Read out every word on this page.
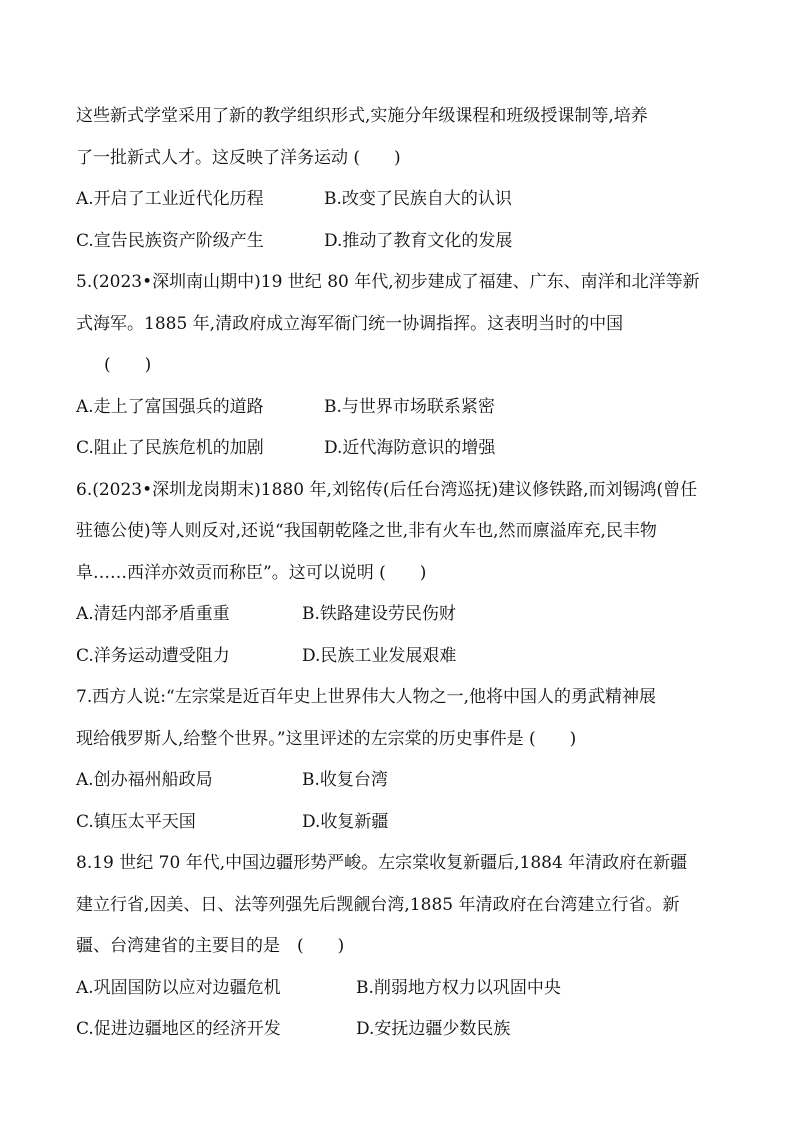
这些新式学堂采用了新的教学组织形式,实施分年级课程和班级授课制等,培养
了一批新式人才。这反映了洋务运动 (　　)
A.开启了工业近代化历程	B.改变了民族自大的认识
C.宣告民族资产阶级产生	D.推动了教育文化的发展
5.(2023•深圳南山期中)19 世纪 80 年代,初步建成了福建、广东、南洋和北洋等新
式海军。1885 年,清政府成立海军衙门统一协调指挥。这表明当时的中国
(　　)
A.走上了富国强兵的道路	B.与世界市场联系紧密
C.阻止了民族危机的加剧	D.近代海防意识的增强
6.(2023•深圳龙岗期末)1880 年,刘铭传(后任台湾巡抚)建议修铁路,而刘锡鸿(曾任
驻德公使)等人则反对,还说“我国朝乾隆之世,非有火车也,然而廪溢库充,民丰物
阜……西洋亦效贡而称臣”。这可以说明 (　　)
A.清廷内部矛盾重重	B.铁路建设劳民伤财
C.洋务运动遭受阻力	D.民族工业发展艰难
7.西方人说:“左宗棠是近百年史上世界伟大人物之一,他将中国人的勇武精神展
现给俄罗斯人,给整个世界。”这里评述的左宗棠的历史事件是 (　　)
A.创办福州船政局	B.收复台湾
C.镇压太平天国	D.收复新疆
8.19 世纪 70 年代,中国边疆形势严峻。左宗棠收复新疆后,1884 年清政府在新疆
建立行省,因美、日、法等列强先后觊觎台湾,1885 年清政府在台湾建立行省。新
疆、台湾建省的主要目的是　(　　)
A.巩固国防以应对边疆危机	B.削弱地方权力以巩固中央
C.促进边疆地区的经济开发	D.安抚边疆少数民族
